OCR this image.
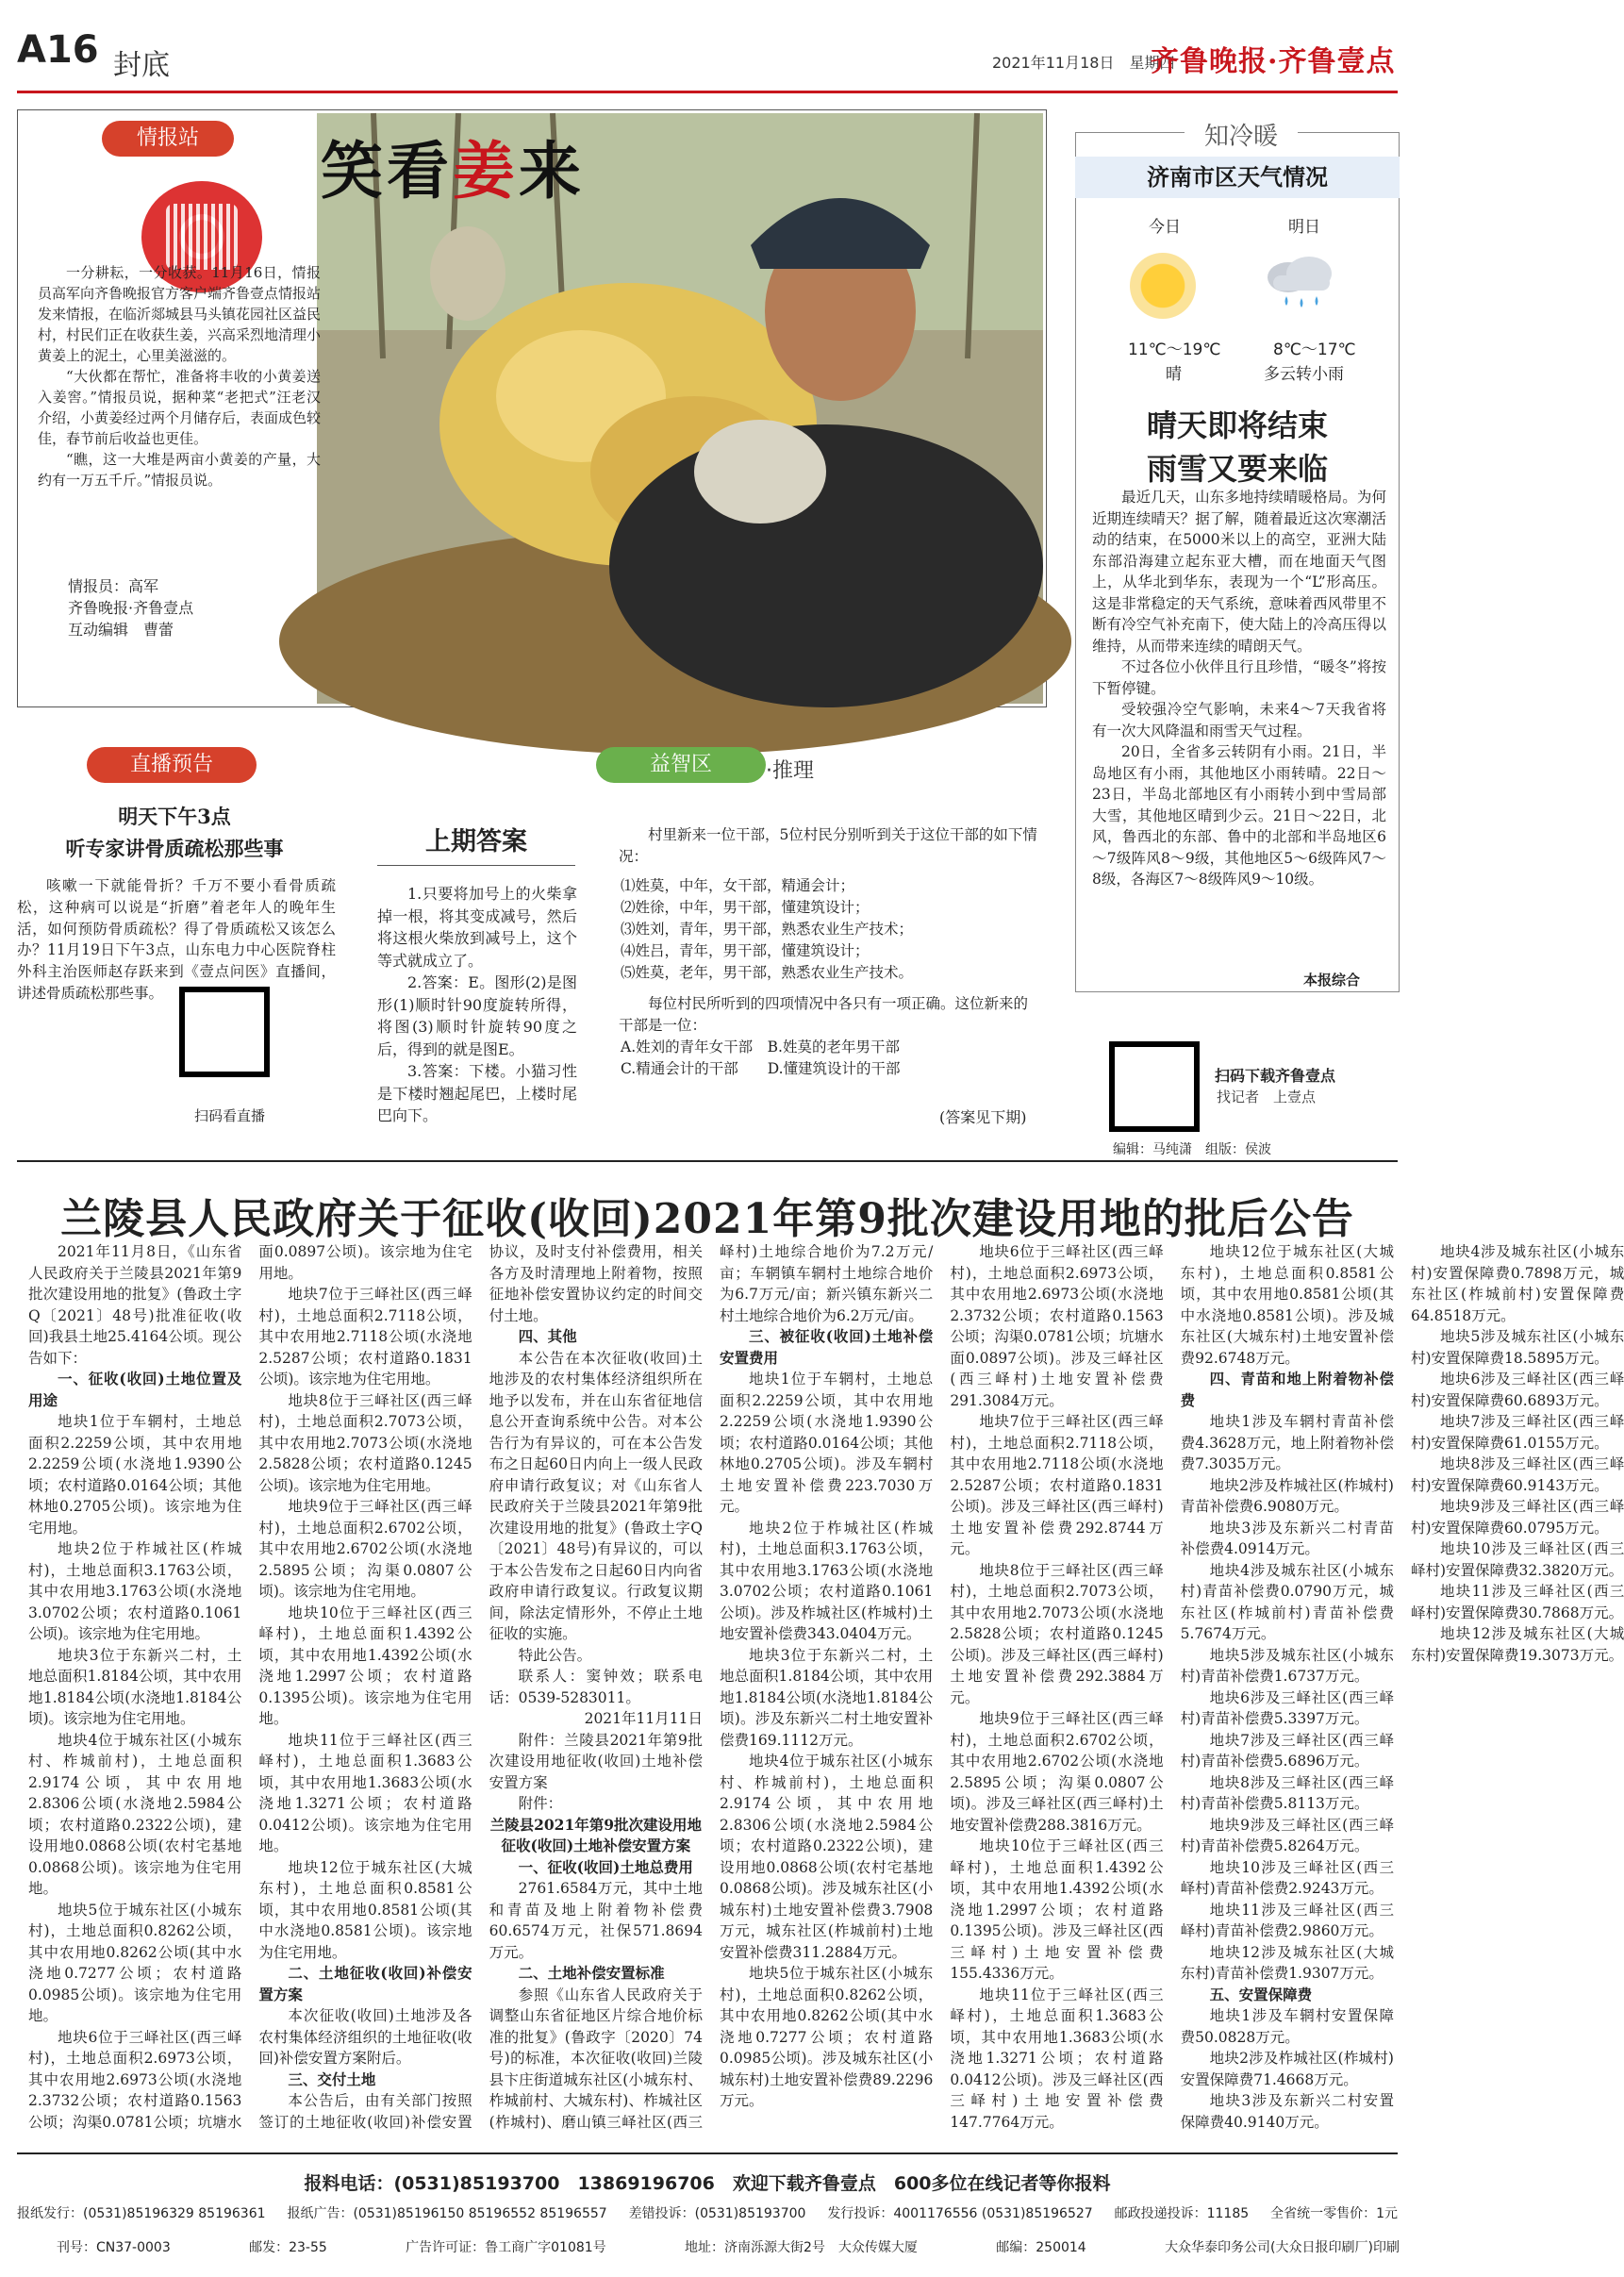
A16 封底	2021年11月18日　星期四
齐鲁晚报·齐鲁壹点
笑看姜来
情报站

一分耕耘，一分收获。11月16日，情报员高军向齐鲁晚报官方客户端齐鲁壹点情报站发来情报，在临沂郯城县马头镇花园社区益民村，村民们正在收获生姜，兴高采烈地清理小黄姜上的泥土，心里美滋滋的。

“大伙都在帮忙，准备将丰收的小黄姜送入姜窖。”情报员说，据种菜“老把式”汪老汉介绍，小黄姜经过两个月储存后，表面成色较佳，春节前后收益也更佳。

“瞧，这一大堆是两亩小黄姜的产量，大约有一万五千斤。”情报员说。

情报员：高军
齐鲁晚报·齐鲁壹点
互动编辑　曹蕾
知冷暖
济南市区天气情况
今日	明日
11℃～19℃
晴
8℃～17℃
多云转小雨
晴天即将结束
雨雪又要来临

最近几天，山东多地持续晴暖格局。为何近期连续晴天？据了解，随着最近这次寒潮活动的结束，在5000米以上的高空，亚洲大陆东部沿海建立起东亚大槽，而在地面天气图上，从华北到华东，表现为一个“L”形高压。这是非常稳定的天气系统，意味着西风带里不断有冷空气补充南下，使大陆上的冷高压得以维持，从而带来连续的晴朗天气。

不过各位小伙伴且行且珍惜，“暖冬”将按下暂停键。

受较强冷空气影响，未来4～7天我省将有一次大风降温和雨雪天气过程。

20日，全省多云转阴有小雨。21日，半岛地区有小雨，其他地区小雨转晴。22日～23日，半岛北部地区有小雨转小到中雪局部大雪，其他地区晴到少云。21日～22日，北风，鲁西北的东部、鲁中的北部和半岛地区6～7级阵风8～9级，其他地区5～6级阵风7～8级，各海区7～8级阵风9～10级。

本报综合
直播预告
明天下午3点
听专家讲骨质疏松那些事
咳嗽一下就能骨折？千万不要小看骨质疏松，这种病可以说是“折磨”着老年人的晚年生活，如何预防骨质疏松？得了骨质疏松又该怎么办？11月19日下午3点，山东电力中心医院脊柱外科主治医师赵存跃来到《壹点问医》直播间，讲述骨质疏松那些事。
扫码看直播
益智区	·推理
上期答案

1.只要将加号上的火柴拿掉一根，将其变成减号，然后将这根火柴放到减号上，这个等式就成立了。

2.答案：E。图形(2)是图形(1)顺时针90度旋转所得，将图(3)顺时针旋转90度之后，得到的就是图E。

3.答案：下楼。小猫习性是下楼时翘起尾巴，上楼时尾巴向下。

村里新来一位干部，5位村民分别听到关于这位干部的如下情况：

⑴姓莫，中年，女干部，精通会计；

⑵姓徐，中年，男干部，懂建筑设计；

⑶姓刘，青年，男干部，熟悉农业生产技术；

⑷姓吕，青年，男干部，懂建筑设计；

⑸姓莫，老年，男干部，熟悉农业生产技术。

每位村民所听到的四项情况中各只有一项正确。这位新来的干部是一位：

A.姓刘的青年女干部　B.姓莫的老年男干部

C.精通会计的干部　　D.懂建筑设计的干部

(答案见下期)
扫码下载齐鲁壹点
找记者　上壹点
编辑：马纯潇　组版：侯波
兰陵县人民政府关于征收(收回)2021年第9批次建设用地的批后公告

2021年11月8日，《山东省人民政府关于兰陵县2021年第9批次建设用地的批复》(鲁政土字Q〔2021〕48号)批准征收(收回)我县土地25.4164公顷。现公告如下：

一、征收(收回)土地位置及用途

地块1位于车辋村，土地总面积2.2259公顷，其中农用地2.2259公顷(水浇地1.9390公顷；农村道路0.0164公顷；其他林地0.2705公顷)。该宗地为住宅用地。

地块2位于柞城社区(柞城村)，土地总面积3.1763公顷，其中农用地3.1763公顷(水浇地3.0702公顷；农村道路0.1061公顷)。该宗地为住宅用地。

地块3位于东新兴二村，土地总面积1.8184公顷，其中农用地1.8184公顷(水浇地1.8184公顷)。该宗地为住宅用地。

地块4位于城东社区(小城东村、柞城前村)，土地总面积2.9174公顷，其中农用地2.8306公顷(水浇地2.5984公顷；农村道路0.2322公顷)，建设用地0.0868公顷(农村宅基地0.0868公顷)。该宗地为住宅用地。

地块5位于城东社区(小城东村)，土地总面积0.8262公顷，其中农用地0.8262公顷(其中水浇地0.7277公顷；农村道路0.0985公顷)。该宗地为住宅用地。

地块6位于三峄社区(西三峄村)，土地总面积2.6973公顷，其中农用地2.6973公顷(水浇地2.3732公顷；农村道路0.1563公顷；沟渠0.0781公顷；坑塘水面0.0897公顷)。该宗地为住宅用地。

地块7位于三峄社区(西三峄村)，土地总面积2.7118公顷，其中农用地2.7118公顷(水浇地2.5287公顷；农村道路0.1831公顷)。该宗地为住宅用地。

地块8位于三峄社区(西三峄村)，土地总面积2.7073公顷，其中农用地2.7073公顷(水浇地2.5828公顷；农村道路0.1245公顷)。该宗地为住宅用地。

地块9位于三峄社区(西三峄村)，土地总面积2.6702公顷，其中农用地2.6702公顷(水浇地2.5895公顷；沟渠0.0807公顷)。该宗地为住宅用地。

地块10位于三峄社区(西三峄村)，土地总面积1.4392公顷，其中农用地1.4392公顷(水浇地1.2997公顷；农村道路0.1395公顷)。该宗地为住宅用地。

地块11位于三峄社区(西三峄村)，土地总面积1.3683公顷，其中农用地1.3683公顷(水浇地1.3271公顷；农村道路0.0412公顷)。该宗地为住宅用地。

地块12位于城东社区(大城东村)，土地总面积0.8581公顷，其中农用地0.8581公顷(其中水浇地0.8581公顷)。该宗地为住宅用地。

二、土地征收(收回)补偿安置方案

本次征收(收回)土地涉及各农村集体经济组织的土地征收(收回)补偿安置方案附后。

三、交付土地

本公告后，由有关部门按照签订的土地征收(收回)补偿安置协议，及时支付补偿费用，相关各方及时清理地上附着物，按照征地补偿安置协议约定的时间交付土地。

四、其他

本公告在本次征收(收回)土地涉及的农村集体经济组织所在地予以发布，并在山东省征地信息公开查询系统中公告。对本公告行为有异议的，可在本公告发布之日起60日内向上一级人民政府申请行政复议；对《山东省人民政府关于兰陵县2021年第9批次建设用地的批复》(鲁政土字Q〔2021〕48号)有异议的，可以于本公告发布之日起60日内向省政府申请行政复议。行政复议期间，除法定情形外，不停止土地征收的实施。

特此公告。

联系人：窦钟效；联系电话：0539-5283011。

2021年11月11日

附件：兰陵县2021年第9批次建设用地征收(收回)土地补偿安置方案

附件：

兰陵县2021年第9批次建设用地征收(收回)土地补偿安置方案

一、征收(收回)土地总费用

2761.6584万元，其中土地和青苗及地上附着物补偿费60.6574万元，社保571.8694万元。

二、土地补偿安置标准

参照《山东省人民政府关于调整山东省征地区片综合地价标准的批复》(鲁政字〔2020〕74号)的标准，本次征收(收回)兰陵县卞庄街道城东社区(小城东村、柞城前村、大城东村)、柞城社区(柞城村)、磨山镇三峄社区(西三峄村)土地综合地价为7.2万元/亩；车辋镇车辋村土地综合地价为6.7万元/亩；新兴镇东新兴二村土地综合地价为6.2万元/亩。

三、被征收(收回)土地补偿安置费用

地块1位于车辋村，土地总面积2.2259公顷，其中农用地2.2259公顷(水浇地1.9390公顷；农村道路0.0164公顷；其他林地0.2705公顷)。涉及车辋村土地安置补偿费223.7030万元。

地块2位于柞城社区(柞城村)，土地总面积3.1763公顷，其中农用地3.1763公顷(水浇地3.0702公顷；农村道路0.1061公顷)。涉及柞城社区(柞城村)土地安置补偿费343.0404万元。

地块3位于东新兴二村，土地总面积1.8184公顷，其中农用地1.8184公顷(水浇地1.8184公顷)。涉及东新兴二村土地安置补偿费169.1112万元。

地块4位于城东社区(小城东村、柞城前村)，土地总面积2.9174公顷，其中农用地2.8306公顷(水浇地2.5984公顷；农村道路0.2322公顷)，建设用地0.0868公顷(农村宅基地0.0868公顷)。涉及城东社区(小城东村)土地安置补偿费3.7908万元，城东社区(柞城前村)土地安置补偿费311.2884万元。

地块5位于城东社区(小城东村)，土地总面积0.8262公顷，其中农用地0.8262公顷(其中水浇地0.7277公顷；农村道路0.0985公顷)。涉及城东社区(小城东村)土地安置补偿费89.2296万元。

地块6位于三峄社区(西三峄村)，土地总面积2.6973公顷，其中农用地2.6973公顷(水浇地2.3732公顷；农村道路0.1563公顷；沟渠0.0781公顷；坑塘水面0.0897公顷)。涉及三峄社区(西三峄村)土地安置补偿费291.3084万元。

地块7位于三峄社区(西三峄村)，土地总面积2.7118公顷，其中农用地2.7118公顷(水浇地2.5287公顷；农村道路0.1831公顷)。涉及三峄社区(西三峄村)土地安置补偿费292.8744万元。

地块8位于三峄社区(西三峄村)，土地总面积2.7073公顷，其中农用地2.7073公顷(水浇地2.5828公顷；农村道路0.1245公顷)。涉及三峄社区(西三峄村)土地安置补偿费292.3884万元。

地块9位于三峄社区(西三峄村)，土地总面积2.6702公顷，其中农用地2.6702公顷(水浇地2.5895公顷；沟渠0.0807公顷)。涉及三峄社区(西三峄村)土地安置补偿费288.3816万元。

地块10位于三峄社区(西三峄村)，土地总面积1.4392公顷，其中农用地1.4392公顷(水浇地1.2997公顷；农村道路0.1395公顷)。涉及三峄社区(西三峄村)土地安置补偿费155.4336万元。

地块11位于三峄社区(西三峄村)，土地总面积1.3683公顷，其中农用地1.3683公顷(水浇地1.3271公顷；农村道路0.0412公顷)。涉及三峄社区(西三峄村)土地安置补偿费147.7764万元。

地块12位于城东社区(大城东村)，土地总面积0.8581公顷，其中农用地0.8581公顷(其中水浇地0.8581公顷)。涉及城东社区(大城东村)土地安置补偿费92.6748万元。

四、青苗和地上附着物补偿费

地块1涉及车辋村青苗补偿费4.3628万元，地上附着物补偿费7.3035万元。

地块2涉及柞城社区(柞城村)青苗补偿费6.9080万元。

地块3涉及东新兴二村青苗补偿费4.0914万元。

地块4涉及城东社区(小城东村)青苗补偿费0.0790万元，城东社区(柞城前村)青苗补偿费5.7674万元。

地块5涉及城东社区(小城东村)青苗补偿费1.6737万元。

地块6涉及三峄社区(西三峄村)青苗补偿费5.3397万元。

地块7涉及三峄社区(西三峄村)青苗补偿费5.6896万元。

地块8涉及三峄社区(西三峄村)青苗补偿费5.8113万元。

地块9涉及三峄社区(西三峄村)青苗补偿费5.8264万元。

地块10涉及三峄社区(西三峄村)青苗补偿费2.9243万元。

地块11涉及三峄社区(西三峄村)青苗补偿费2.9860万元。

地块12涉及城东社区(大城东村)青苗补偿费1.9307万元。

五、安置保障费

地块1涉及车辋村安置保障费50.0828万元。

地块2涉及柞城社区(柞城村)安置保障费71.4668万元。

地块3涉及东新兴二村安置保障费40.9140万元。

地块4涉及城东社区(小城东村)安置保障费0.7898万元，城东社区(柞城前村)安置保障费64.8518万元。

地块5涉及城东社区(小城东村)安置保障费18.5895万元。

地块6涉及三峄社区(西三峄村)安置保障费60.6893万元。

地块7涉及三峄社区(西三峄村)安置保障费61.0155万元。

地块8涉及三峄社区(西三峄村)安置保障费60.9143万元。

地块9涉及三峄社区(西三峄村)安置保障费60.0795万元。

地块10涉及三峄社区(西三峄村)安置保障费32.3820万元。

地块11涉及三峄社区(西三峄村)安置保障费30.7868万元。

地块12涉及城东社区(大城东村)安置保障费19.3073万元。

报料电话：(0531)85193700　13869196706　欢迎下载齐鲁壹点　600多位在线记者等你报料
报纸发行：(0531)85196329 85196361 报纸广告：(0531)85196150 85196552 85196557 差错投诉：(0531)85193700 发行投诉：4001176556 (0531)85196527 邮政投递投诉：11185 全省统一零售价：1元
刊号：CN37-0003	邮发：23-55	广告许可证：鲁工商广字01081号	地址：济南泺源大街2号　大众传媒大厦	邮编：250014	大众华泰印务公司(大众日报印刷厂)印刷
